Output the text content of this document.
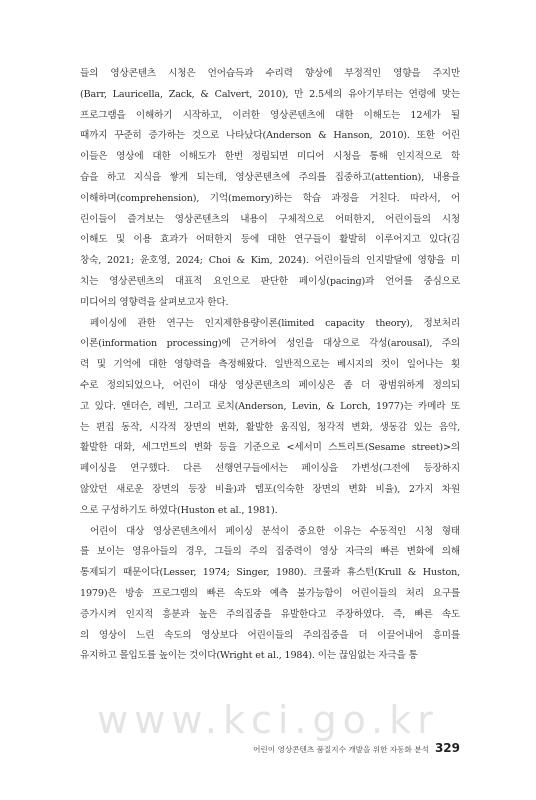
들의 영상콘텐츠 시청은 언어습득과 수리력 향상에 부정적인 영향을 주지만
(Barr, Lauricella, Zack, & Calvert, 2010), 만 2.5세의 유아기부터는 연령에 맞는
프로그램을 이해하기 시작하고, 이러한 영상콘텐츠에 대한 이해도는 12세가 될
때까지 꾸준히 증가하는 것으로 나타났다(Anderson & Hanson, 2010). 또한 어린
이들은 영상에 대한 이해도가 한번 정립되면 미디어 시청을 통해 인지적으로 학
습을 하고 지식을 쌓게 되는데, 영상콘텐츠에 주의를 집중하고(attention), 내용을
이해하며(comprehension), 기억(memory)하는 학습 과정을 거친다. 따라서, 어
린이들이 즐겨보는 영상콘텐츠의 내용이 구체적으로 어떠한지, 어린이들의 시청
이해도 및 이용 효과가 어떠한지 등에 대한 연구들이 활발히 이루어지고 있다(김
창숙, 2021; 윤호영, 2024; Choi & Kim, 2024). 어린이들의 인지발달에 영향을 미
치는 영상콘텐츠의 대표적 요인으로 판단한 페이싱(pacing)과 언어를 중심으로
미디어의 영향력을 살펴보고자 한다.

페이싱에 관한 연구는 인지제한용량이론(limited capacity theory), 정보처리
이론(information processing)에 근거하여 성인을 대상으로 각성(arousal), 주의
력 및 기억에 대한 영향력을 측정해왔다. 일반적으로는 베시지의 컷이 일어나는 횟
수로 정의되었으나, 어린이 대상 영상콘텐츠의 페이싱은 좀 더 광범위하게 정의되
고 있다. 앤더슨, 레빈, 그리고 로치(Anderson, Levin, & Lorch, 1977)는 카메라 또
는 편집 동작, 시각적 장면의 변화, 활발한 움직임, 청각적 변화, 생동감 있는 음악,
활발한 대화, 세그먼트의 변화 등을 기준으로 <세서미 스트리트(Sesame street)>의
페이싱을 연구했다. 다른 선행연구들에서는 페이싱을 가변성(그전에 등장하지
않았던 새로운 장면의 등장 비율)과 템포(익숙한 장면의 변화 비율), 2가지 차원
으로 구성하기도 하였다(Huston et al., 1981).

어린이 대상 영상콘텐츠에서 페이싱 분석이 중요한 이유는 수동적인 시청 형태
를 보이는 영유아들의 경우, 그들의 주의 집중력이 영상 자극의 빠른 변화에 의해
통제되기 때문이다(Lesser, 1974; Singer, 1980). 크룰과 휴스턴(Krull & Huston,
1979)은 방송 프로그램의 빠른 속도와 예측 불가능함이 어린이들의 처리 요구를
증가시켜 인지적 흥분과 높은 주의집중을 유발한다고 주장하였다. 즉, 빠른 속도
의 영상이 느린 속도의 영상보다 어린이들의 주의집중을 더 이끌어내어 흥미를
유지하고 몰입도를 높이는 것이다(Wright et al., 1984). 이는 끊임없는 자극을 통

www.kci.go.kr
어린이 영상콘텐츠 품질지수 개발을 위한 자동화 분석 329
